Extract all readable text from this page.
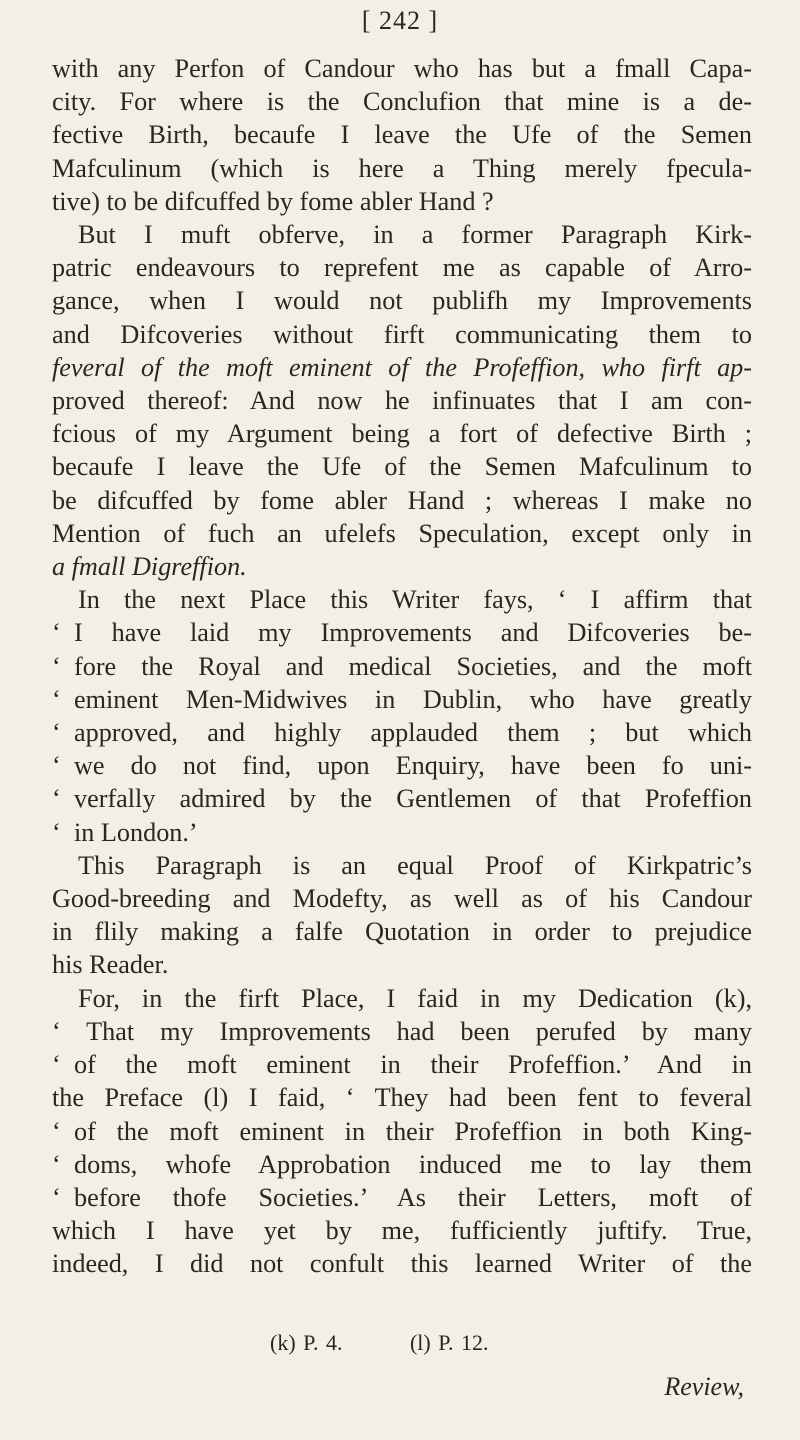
[ 242 ]
with any Perfon of Candour who has but a fmall Capa-
city. For where is the Conclufion that mine is a de-
fective Birth, becaufe I leave the Ufe of the Semen
Mafculinum (which is here a Thing merely fpecula-
tive) to be difcuffed by fome abler Hand ?
But I muft obferve, in a former Paragraph Kirk-
patric endeavours to reprefent me as capable of Arro-
gance, when I would not publifh my Improvements
and Difcoveries without firft communicating them to
feveral of the moft eminent of the Profeffion, who firft ap-
proved thereof: And now he infinuates that I am con-
fcious of my Argument being a fort of defective Birth ;
becaufe I leave the Ufe of the Semen Mafculinum to
be difcuffed by fome abler Hand ; whereas I make no
Mention of fuch an ufelefs Speculation, except only in
a fmall Digreffion.
In the next Place this Writer fays, ‘ I affirm that
‘ I have laid my Improvements and Difcoveries be-
‘ fore the Royal and medical Societies, and the moft
‘ eminent Men-Midwives in Dublin, who have greatly
‘ approved, and highly applauded them ; but which
‘ we do not find, upon Enquiry, have been fo uni-
‘ verfally admired by the Gentlemen of that Profeffion
‘ in London.’
This Paragraph is an equal Proof of Kirkpatric’s
Good-breeding and Modefty, as well as of his Candour
in flily making a falfe Quotation in order to prejudice
his Reader.
For, in the firft Place, I faid in my Dedication (k),
‘ That my Improvements had been perufed by many
‘ of the moft eminent in their Profeffion.’ And in
the Preface (l) I faid, ‘ They had been fent to feveral
‘ of the moft eminent in their Profeffion in both King-
‘ doms, whofe Approbation induced me to lay them
‘ before thofe Societies.’ As their Letters, moft of
which I have yet by me, fufficiently juftify. True,
indeed, I did not confult this learned Writer of the
(k) P. 4.	(l) P. 12.
Review,
